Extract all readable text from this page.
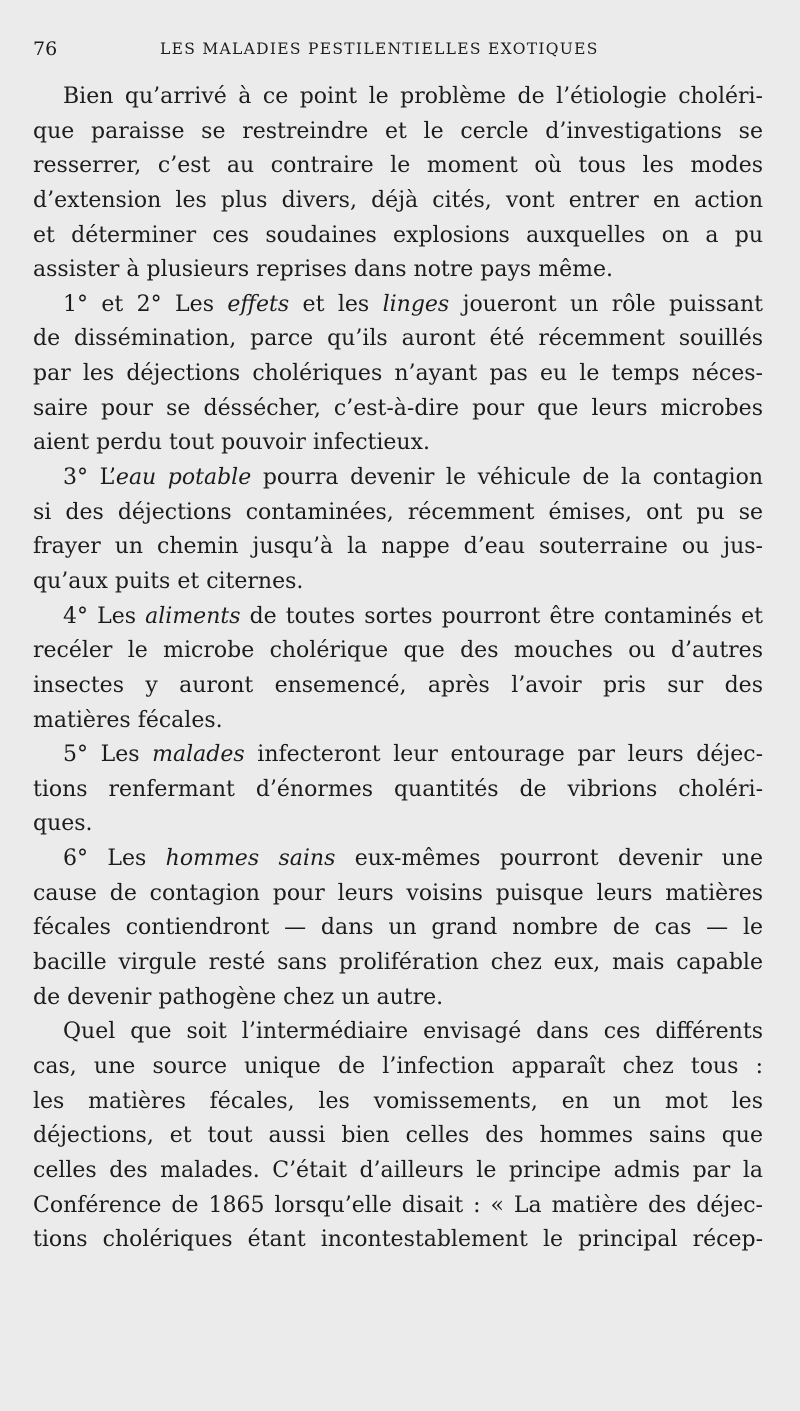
76	LES MALADIES PESTILENTIELLES EXOTIQUES
Bien qu’arrivé à ce point le problème de l’étiologie choléri-
que paraisse se restreindre et le cercle d’investigations se
resserrer, c’est au contraire le moment où tous les modes
d’extension les plus divers, déjà cités, vont entrer en action
et déterminer ces soudaines explosions auxquelles on a pu
assister à plusieurs reprises dans notre pays même.
1° et 2° Les effets et les linges joueront un rôle puissant
de dissémination, parce qu’ils auront été récemment souillés
par les déjections cholériques n’ayant pas eu le temps néces-
saire pour se déssécher, c’est-à-dire pour que leurs microbes
aient perdu tout pouvoir infectieux.
3° L’eau potable pourra devenir le véhicule de la contagion
si des déjections contaminées, récemment émises, ont pu se
frayer un chemin jusqu’à la nappe d’eau souterraine ou jus-
qu’aux puits et citernes.
4° Les aliments de toutes sortes pourront être contaminés et
recéler le microbe cholérique que des mouches ou d’autres
insectes y auront ensemencé, après l’avoir pris sur des
matières fécales.
5° Les malades infecteront leur entourage par leurs déjec-
tions renfermant d’énormes quantités de vibrions choléri-
ques.
6° Les hommes sains eux-mêmes pourront devenir une
cause de contagion pour leurs voisins puisque leurs matières
fécales contiendront — dans un grand nombre de cas — le
bacille virgule resté sans prolifération chez eux, mais capable
de devenir pathogène chez un autre.
Quel que soit l’intermédiaire envisagé dans ces différents
cas, une source unique de l’infection apparaît chez tous :
les matières fécales, les vomissements, en un mot les
déjections, et tout aussi bien celles des hommes sains que
celles des malades. C’était d’ailleurs le principe admis par la
Conférence de 1865 lorsqu’elle disait : « La matière des déjec-
tions cholériques étant incontestablement le principal récep-
